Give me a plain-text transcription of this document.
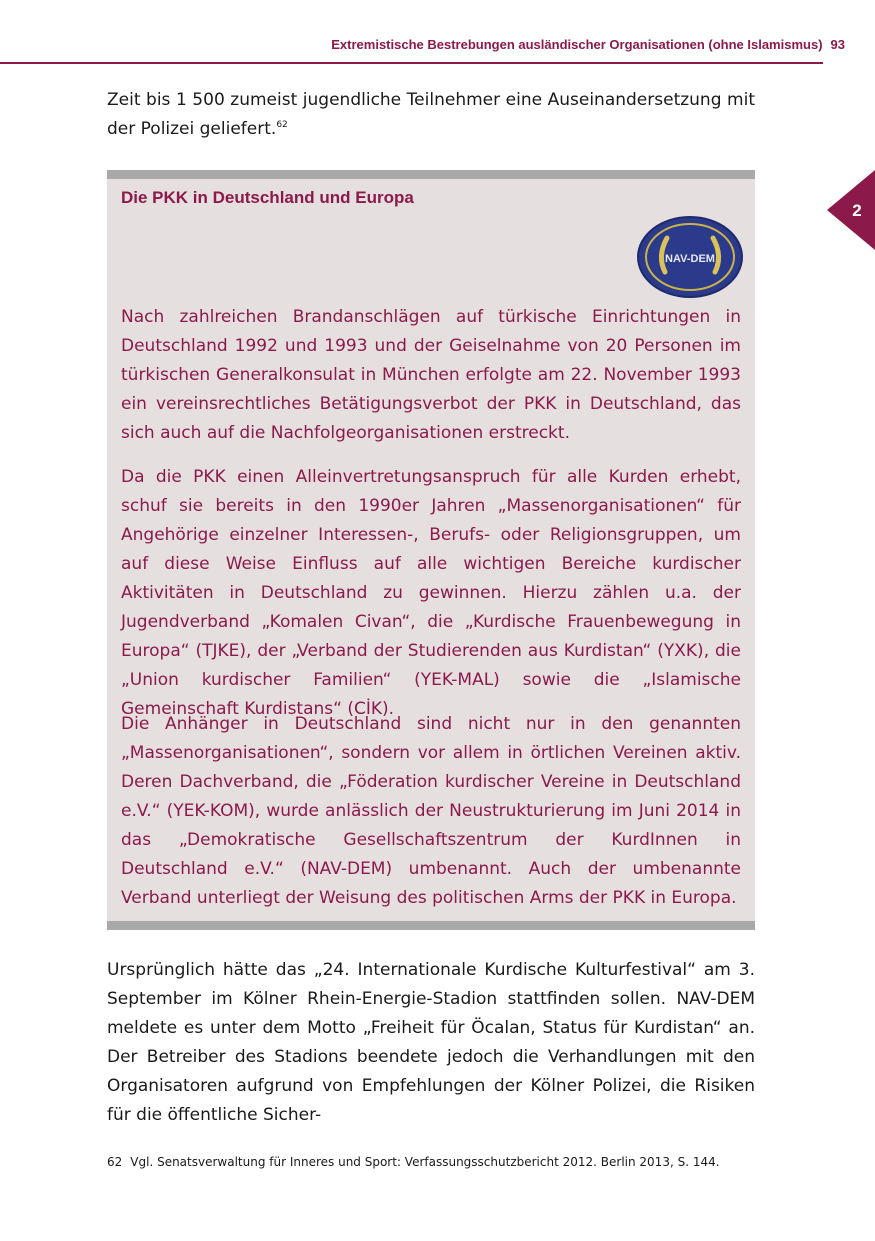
Extremistische Bestrebungen ausländischer Organisationen (ohne Islamismus) 93
2
Zeit bis 1 500 zumeist jugendliche Teilnehmer eine Auseinandersetzung mit der Polizei geliefert.$^{62}$
Die PKK in Deutschland und Europa
NAV-DEM
Nach zahlreichen Brandanschlägen auf türkische Einrichtungen in Deutschland 1992 und 1993 und der Geiselnahme von 20 Personen im türkischen Generalkonsulat in München erfolgte am 22. November 1993 ein vereinsrechtliches Betätigungsverbot der PKK in Deutschland, das sich auch auf die Nachfolgeorganisationen erstreckt.
Da die PKK einen Alleinvertretungsanspruch für alle Kurden erhebt, schuf sie bereits in den 1990er Jahren „Massenorganisationen“ für Angehörige einzelner Interessen-, Berufs- oder Religionsgruppen, um auf diese Weise Einfluss auf alle wichtigen Bereiche kurdischer Aktivitäten in Deutschland zu gewinnen. Hierzu zählen u.a. der Jugendverband „Komalen Civan“, die „Kurdische Frauenbewegung in Europa“ (TJKE), der „Verband der Studierenden aus Kurdistan“ (YXK), die „Union kurdischer Familien“ (YEK-MAL) sowie die „Islamische Gemeinschaft Kurdistans“ (CİK).
Die Anhänger in Deutschland sind nicht nur in den genannten „Massenorganisationen“, sondern vor allem in örtlichen Vereinen aktiv. Deren Dachverband, die „Föderation kurdischer Vereine in Deutschland e.V.“ (YEK-KOM), wurde anlässlich der Neustrukturierung im Juni 2014 in das „Demokratische Gesellschaftszentrum der KurdInnen in Deutschland e.V.“ (NAV-DEM) umbenannt. Auch der umbenannte Verband unterliegt der Weisung des politischen Arms der PKK in Europa.
Ursprünglich hätte das „24. Internationale Kurdische Kulturfestival“ am 3. September im Kölner Rhein-Energie-Stadion stattfinden sollen. NAV-DEM meldete es unter dem Motto „Freiheit für Öcalan, Status für Kurdistan“ an. Der Betreiber des Stadions beendete jedoch die Verhandlungen mit den Organisatoren aufgrund von Empfehlungen der Kölner Polizei, die Risiken für die öffentliche Sicher-
62 Vgl. Senatsverwaltung für Inneres und Sport: Verfassungsschutzbericht 2012. Berlin 2013, S. 144.
